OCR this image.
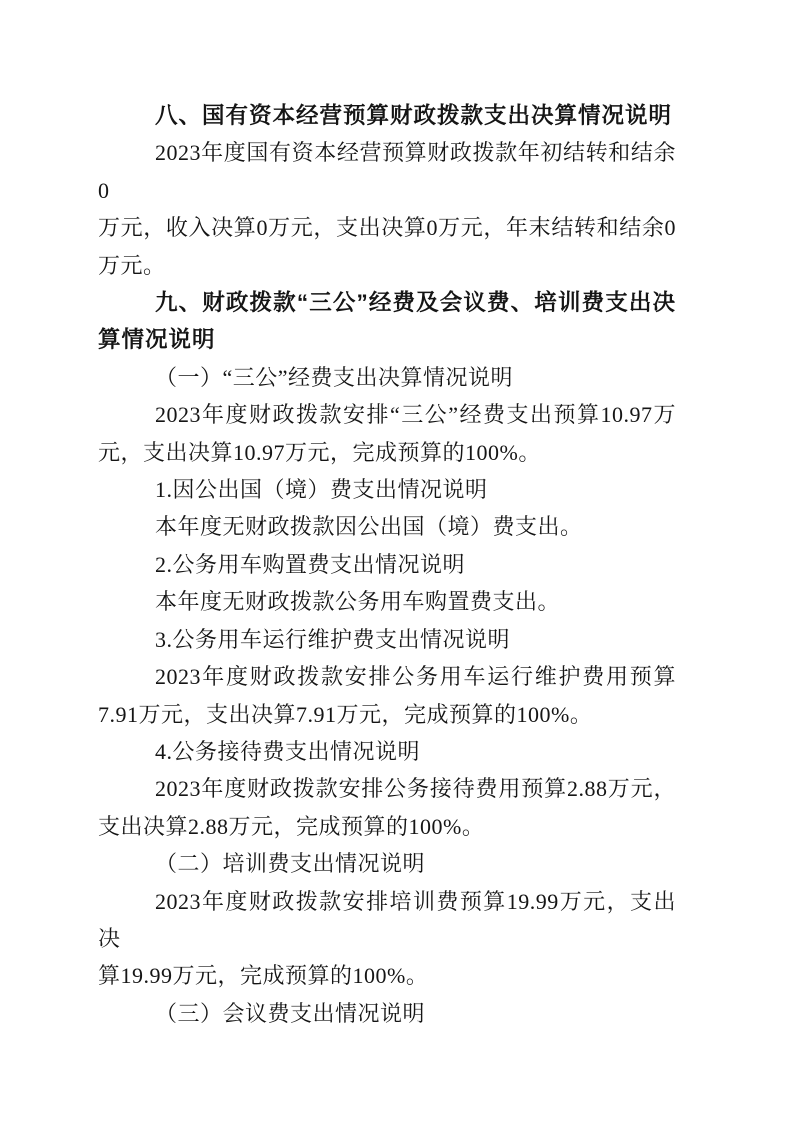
八、国有资本经营预算财政拨款支出决算情况说明
2023年度国有资本经营预算财政拨款年初结转和结余0
万元，收入决算0万元，支出决算0万元，年末结转和结余0
万元。
九、财政拨款“三公”经费及会议费、培训费支出决
算情况说明
（一）“三公”经费支出决算情况说明
2023年度财政拨款安排“三公”经费支出预算10.97万
元，支出决算10.97万元，完成预算的100%。
1.因公出国（境）费支出情况说明
本年度无财政拨款因公出国（境）费支出。
2.公务用车购置费支出情况说明
本年度无财政拨款公务用车购置费支出。
3.公务用车运行维护费支出情况说明
2023年度财政拨款安排公务用车运行维护费用预算
7.91万元，支出决算7.91万元，完成预算的100%。
4.公务接待费支出情况说明
2023年度财政拨款安排公务接待费用预算2.88万元，
支出决算2.88万元，完成预算的100%。
（二）培训费支出情况说明
2023年度财政拨款安排培训费预算19.99万元，支出决
算19.99万元，完成预算的100%。
（三）会议费支出情况说明
